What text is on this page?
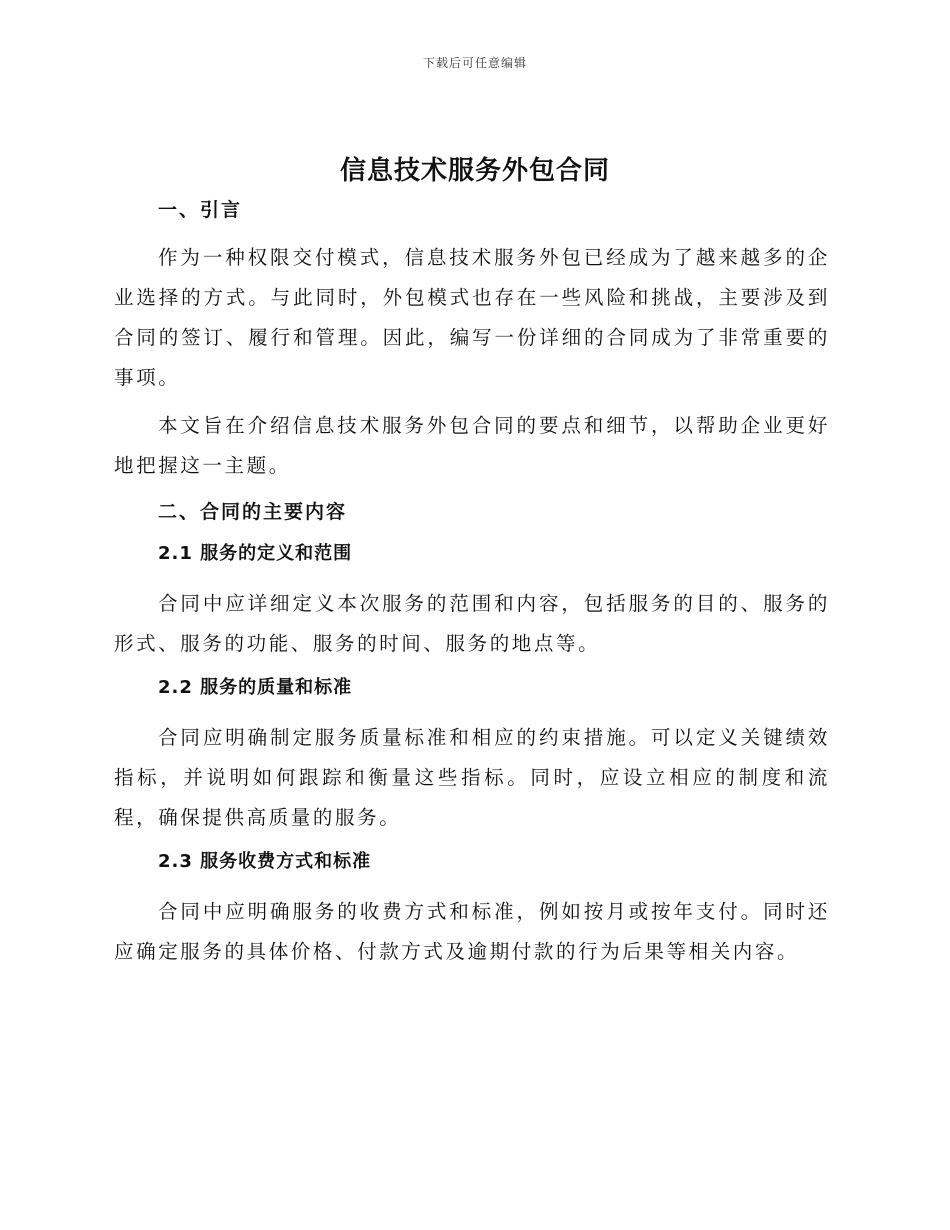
下载后可任意编辑
信息技术服务外包合同
一、引言

作为一种权限交付模式，信息技术服务外包已经成为了越来越多的企业选择的方式。与此同时，外包模式也存在一些风险和挑战，主要涉及到合同的签订、履行和管理。因此，编写一份详细的合同成为了非常重要的事项。

本文旨在介绍信息技术服务外包合同的要点和细节，以帮助企业更好地把握这一主题。

二、合同的主要内容
2.1 服务的定义和范围

合同中应详细定义本次服务的范围和内容，包括服务的目的、服务的形式、服务的功能、服务的时间、服务的地点等。

2.2 服务的质量和标准

合同应明确制定服务质量标准和相应的约束措施。可以定义关键绩效指标，并说明如何跟踪和衡量这些指标。同时，应设立相应的制度和流程，确保提供高质量的服务。

2.3 服务收费方式和标准

合同中应明确服务的收费方式和标准，例如按月或按年支付。同时还应确定服务的具体价格、付款方式及逾期付款的行为后果等相关内容。
